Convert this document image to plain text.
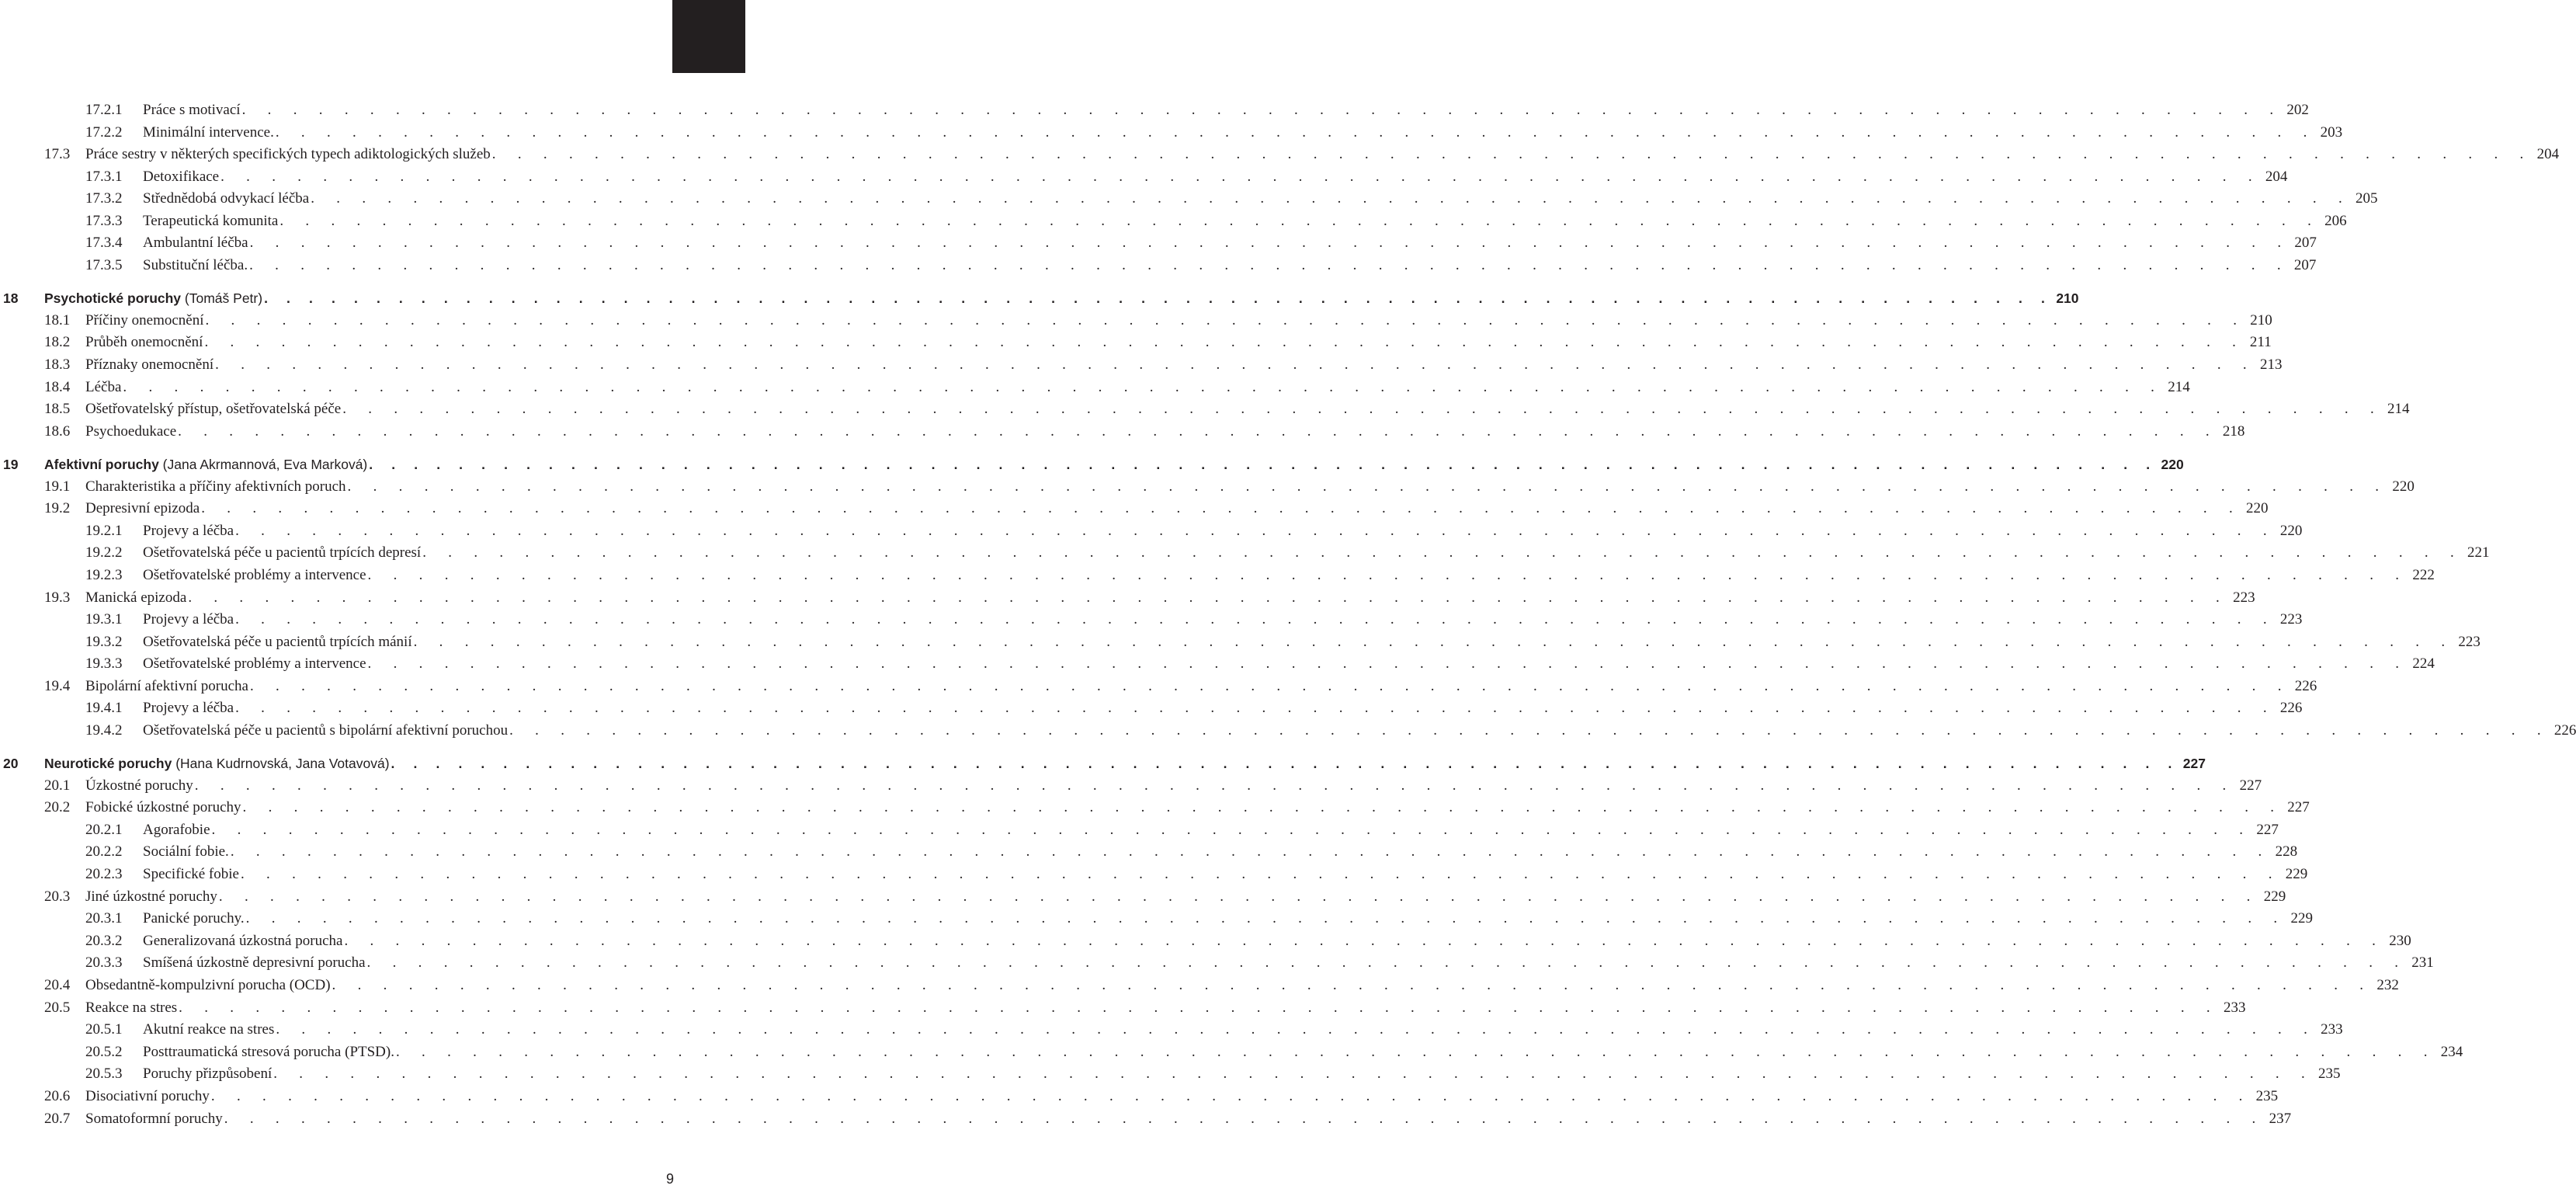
17.2.1 Práce s motivací . . . . . . . . . . . . . . . . . . . . . . . . . . . . . . . . . . . . . . . . . . . . . . . . . . . . . . . . . . . . . . . . . . . . . . . . . . . . . . . . 202
17.2.2 Minimální intervence. . . . . . . . . . . . . . . . . . . . . . . . . . . . . . . . . . . . . . . . . . . . . . . . . . . . . . . . . . . . . . . . . . . . . . . . . . . . . . . . . 203
17.3 Práce sestry v některých specifických typech adiktologických služeb . . . . . . . . . . . . . . . . . . . . . . . . . . . . . . . . . . . . . . . . . . . . . . . . . . . . . . . . . . . . . . . . . . . . . . . . . . . . . . . . 204
17.3.1 Detoxifikace . . . . . . . . . . . . . . . . . . . . . . . . . . . . . . . . . . . . . . . . . . . . . . . . . . . . . . . . . . . . . . . . . . . . . . . . . . . . . . . . 204
17.3.2 Střednědobá odvykací léčba . . . . . . . . . . . . . . . . . . . . . . . . . . . . . . . . . . . . . . . . . . . . . . . . . . . . . . . . . . . . . . . . . . . . . . . . . . . . . . . . 205
17.3.3 Terapeutická komunita . . . . . . . . . . . . . . . . . . . . . . . . . . . . . . . . . . . . . . . . . . . . . . . . . . . . . . . . . . . . . . . . . . . . . . . . . . . . . . . . 206
17.3.4 Ambulantní léčba . . . . . . . . . . . . . . . . . . . . . . . . . . . . . . . . . . . . . . . . . . . . . . . . . . . . . . . . . . . . . . . . . . . . . . . . . . . . . . . . 207
17.3.5 Substituční léčba. . . . . . . . . . . . . . . . . . . . . . . . . . . . . . . . . . . . . . . . . . . . . . . . . . . . . . . . . . . . . . . . . . . . . . . . . . . . . . . . . 207
18 Psychotické poruchy (Tomáš Petr) . . . . . . . . . . . . . . . . . . . . . . . . . . . . . . . . . . . . . . . . . . . . . . . . . . . . . . . . . . . . . . . . . . . . . . . . . . . . . . . . 210
18.1 Příčiny onemocnění . . . . . . . . . . . . . . . . . . . . . . . . . . . . . . . . . . . . . . . . . . . . . . . . . . . . . . . . . . . . . . . . . . . . . . . . . . . . . . . . 210
18.2 Průběh onemocnění . . . . . . . . . . . . . . . . . . . . . . . . . . . . . . . . . . . . . . . . . . . . . . . . . . . . . . . . . . . . . . . . . . . . . . . . . . . . . . . . 211
18.3 Příznaky onemocnění . . . . . . . . . . . . . . . . . . . . . . . . . . . . . . . . . . . . . . . . . . . . . . . . . . . . . . . . . . . . . . . . . . . . . . . . . . . . . . . . 213
18.4 Léčba . . . . . . . . . . . . . . . . . . . . . . . . . . . . . . . . . . . . . . . . . . . . . . . . . . . . . . . . . . . . . . . . . . . . . . . . . . . . . . . . 214
18.5 Ošetřovatelský přístup, ošetřovatelská péče . . . . . . . . . . . . . . . . . . . . . . . . . . . . . . . . . . . . . . . . . . . . . . . . . . . . . . . . . . . . . . . . . . . . . . . . . . . . . . . . 214
18.6 Psychoedukace . . . . . . . . . . . . . . . . . . . . . . . . . . . . . . . . . . . . . . . . . . . . . . . . . . . . . . . . . . . . . . . . . . . . . . . . . . . . . . . . 218
19 Afektivní poruchy (Jana Akrmannová, Eva Marková) . . . . . . . . . . . . . . . . . . . . . . . . . . . . . . . . . . . . . . . . . . . . . . . . . . . . . . . . . . . . . . . . . . . . . . . . . . . . . . . . 220
19.1 Charakteristika a příčiny afektivních poruch . . . . . . . . . . . . . . . . . . . . . . . . . . . . . . . . . . . . . . . . . . . . . . . . . . . . . . . . . . . . . . . . . . . . . . . . . . . . . . . . 220
19.2 Depresivní epizoda . . . . . . . . . . . . . . . . . . . . . . . . . . . . . . . . . . . . . . . . . . . . . . . . . . . . . . . . . . . . . . . . . . . . . . . . . . . . . . . . 220
19.2.1 Projevy a léčba . . . . . . . . . . . . . . . . . . . . . . . . . . . . . . . . . . . . . . . . . . . . . . . . . . . . . . . . . . . . . . . . . . . . . . . . . . . . . . . . 220
19.2.2 Ošetřovatelská péče u pacientů trpících depresí . . . . . . . . . . . . . . . . . . . . . . . . . . . . . . . . . . . . . . . . . . . . . . . . . . . . . . . . . . . . . . . . . . . . . . . . . . . . . . . . 221
19.2.3 Ošetřovatelské problémy a intervence . . . . . . . . . . . . . . . . . . . . . . . . . . . . . . . . . . . . . . . . . . . . . . . . . . . . . . . . . . . . . . . . . . . . . . . . . . . . . . . . 222
19.3 Manická epizoda . . . . . . . . . . . . . . . . . . . . . . . . . . . . . . . . . . . . . . . . . . . . . . . . . . . . . . . . . . . . . . . . . . . . . . . . . . . . . . . . 223
19.3.1 Projevy a léčba . . . . . . . . . . . . . . . . . . . . . . . . . . . . . . . . . . . . . . . . . . . . . . . . . . . . . . . . . . . . . . . . . . . . . . . . . . . . . . . . 223
19.3.2 Ošetřovatelská péče u pacientů trpících mánií . . . . . . . . . . . . . . . . . . . . . . . . . . . . . . . . . . . . . . . . . . . . . . . . . . . . . . . . . . . . . . . . . . . . . . . . . . . . . . . . 223
19.3.3 Ošetřovatelské problémy a intervence . . . . . . . . . . . . . . . . . . . . . . . . . . . . . . . . . . . . . . . . . . . . . . . . . . . . . . . . . . . . . . . . . . . . . . . . . . . . . . . . 224
19.4 Bipolární afektivní porucha . . . . . . . . . . . . . . . . . . . . . . . . . . . . . . . . . . . . . . . . . . . . . . . . . . . . . . . . . . . . . . . . . . . . . . . . . . . . . . . . 226
19.4.1 Projevy a léčba . . . . . . . . . . . . . . . . . . . . . . . . . . . . . . . . . . . . . . . . . . . . . . . . . . . . . . . . . . . . . . . . . . . . . . . . . . . . . . . . 226
19.4.2 Ošetřovatelská péče u pacientů s bipolární afektivní poruchou . . . . . . . . . . . . . . . . . . . . . . . . . . . . . . . . . . . . . . . . . . . . . . . . . . . . . . . . . . . . . . . . . . . . . . . . . . . . . . . . 226
20 Neurotické poruchy (Hana Kudrnovská, Jana Votavová) . . . . . . . . . . . . . . . . . . . . . . . . . . . . . . . . . . . . . . . . . . . . . . . . . . . . . . . . . . . . . . . . . . . . . . . . . . . . . . . . 227
20.1 Úzkostné poruchy . . . . . . . . . . . . . . . . . . . . . . . . . . . . . . . . . . . . . . . . . . . . . . . . . . . . . . . . . . . . . . . . . . . . . . . . . . . . . . . . 227
20.2 Fobické úzkostné poruchy . . . . . . . . . . . . . . . . . . . . . . . . . . . . . . . . . . . . . . . . . . . . . . . . . . . . . . . . . . . . . . . . . . . . . . . . . . . . . . . . 227
20.2.1 Agorafobie . . . . . . . . . . . . . . . . . . . . . . . . . . . . . . . . . . . . . . . . . . . . . . . . . . . . . . . . . . . . . . . . . . . . . . . . . . . . . . . . 227
20.2.2 Sociální fobie. . . . . . . . . . . . . . . . . . . . . . . . . . . . . . . . . . . . . . . . . . . . . . . . . . . . . . . . . . . . . . . . . . . . . . . . . . . . . . . . . 228
20.2.3 Specifické fobie . . . . . . . . . . . . . . . . . . . . . . . . . . . . . . . . . . . . . . . . . . . . . . . . . . . . . . . . . . . . . . . . . . . . . . . . . . . . . . . . 229
20.3 Jiné úzkostné poruchy . . . . . . . . . . . . . . . . . . . . . . . . . . . . . . . . . . . . . . . . . . . . . . . . . . . . . . . . . . . . . . . . . . . . . . . . . . . . . . . . 229
20.3.1 Panické poruchy. . . . . . . . . . . . . . . . . . . . . . . . . . . . . . . . . . . . . . . . . . . . . . . . . . . . . . . . . . . . . . . . . . . . . . . . . . . . . . . . . 229
20.3.2 Generalizovaná úzkostná porucha . . . . . . . . . . . . . . . . . . . . . . . . . . . . . . . . . . . . . . . . . . . . . . . . . . . . . . . . . . . . . . . . . . . . . . . . . . . . . . . . 230
20.3.3 Smíšená úzkostně depresivní porucha . . . . . . . . . . . . . . . . . . . . . . . . . . . . . . . . . . . . . . . . . . . . . . . . . . . . . . . . . . . . . . . . . . . . . . . . . . . . . . . . 231
20.4 Obsedantně-kompulzivní porucha (OCD) . . . . . . . . . . . . . . . . . . . . . . . . . . . . . . . . . . . . . . . . . . . . . . . . . . . . . . . . . . . . . . . . . . . . . . . . . . . . . . . . 232
20.5 Reakce na stres . . . . . . . . . . . . . . . . . . . . . . . . . . . . . . . . . . . . . . . . . . . . . . . . . . . . . . . . . . . . . . . . . . . . . . . . . . . . . . . . 233
20.5.1 Akutní reakce na stres . . . . . . . . . . . . . . . . . . . . . . . . . . . . . . . . . . . . . . . . . . . . . . . . . . . . . . . . . . . . . . . . . . . . . . . . . . . . . . . . 233
20.5.2 Posttraumatická stresová porucha (PTSD). . . . . . . . . . . . . . . . . . . . . . . . . . . . . . . . . . . . . . . . . . . . . . . . . . . . . . . . . . . . . . . . . . . . . . . . . . . . . . . . . 234
20.5.3 Poruchy přizpůsobení . . . . . . . . . . . . . . . . . . . . . . . . . . . . . . . . . . . . . . . . . . . . . . . . . . . . . . . . . . . . . . . . . . . . . . . . . . . . . . . . 235
20.6 Disociativní poruchy . . . . . . . . . . . . . . . . . . . . . . . . . . . . . . . . . . . . . . . . . . . . . . . . . . . . . . . . . . . . . . . . . . . . . . . . . . . . . . . . 235
20.7 Somatoformní poruchy . . . . . . . . . . . . . . . . . . . . . . . . . . . . . . . . . . . . . . . . . . . . . . . . . . . . . . . . . . . . . . . . . . . . . . . . . . . . . . . . 237
9
